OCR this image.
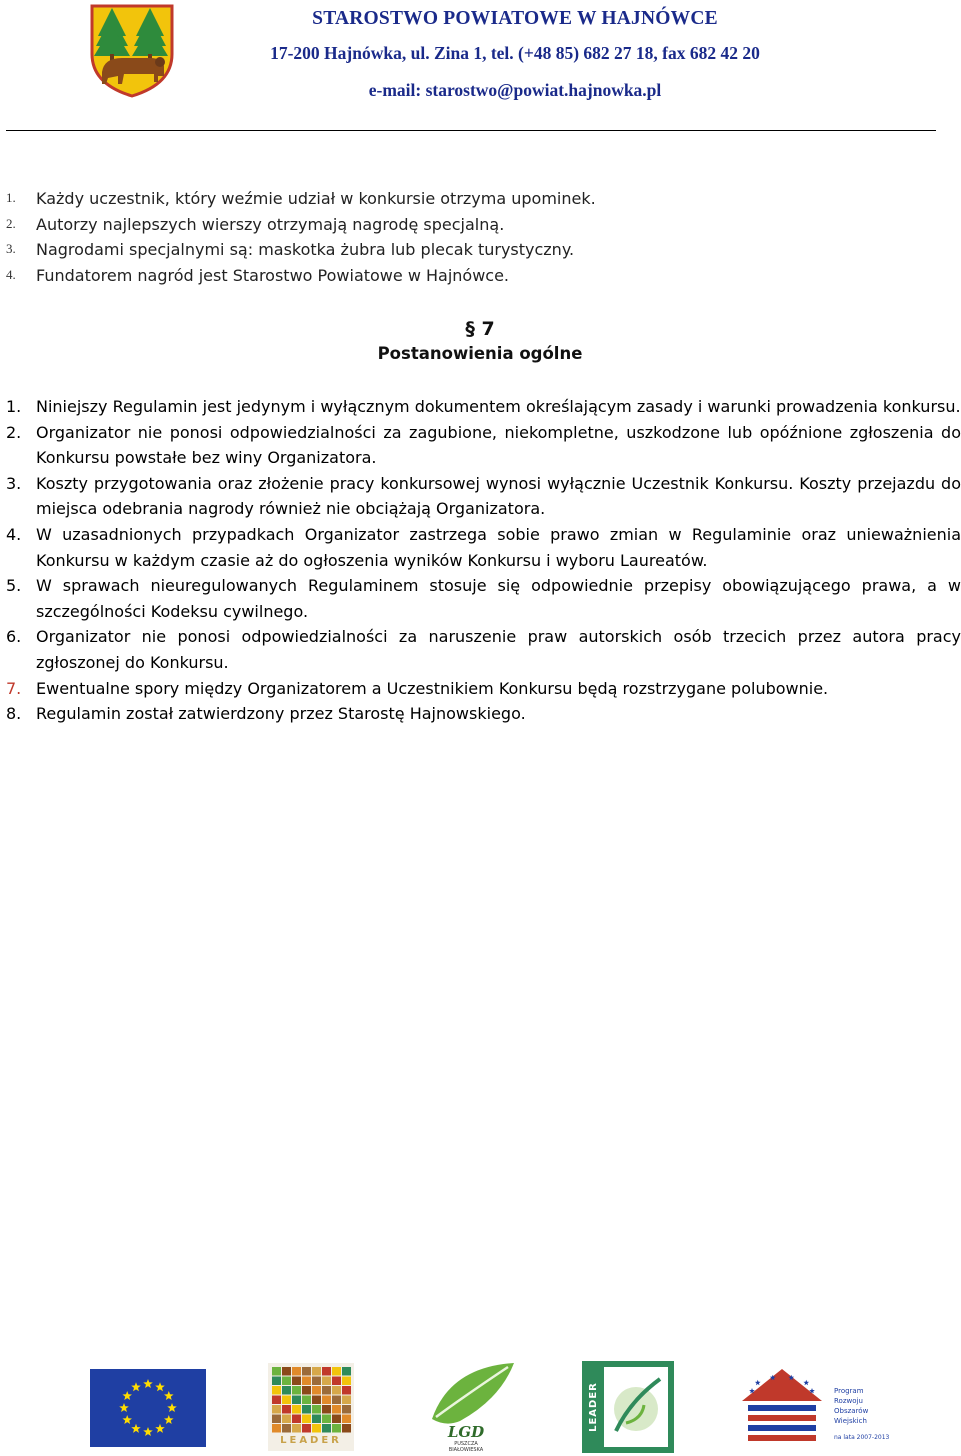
STAROSTWO POWIATOWE W HAJNÓWCE
17-200 Hajnówka, ul. Zina 1, tel. (+48 85) 682 27 18, fax 682 42 20
e-mail: starostwo@powiat.hajnowka.pl
1. Każdy uczestnik, który weźmie udział w konkursie otrzyma upominek.
2. Autorzy najlepszych wierszy otrzymają nagrodę specjalną.
3. Nagrodami specjalnymi są: maskotka żubra lub plecak turystyczny.
4. Fundatorem nagród jest Starostwo Powiatowe w Hajnówce.
§ 7
Postanowienia ogólne
1. Niniejszy Regulamin jest jedynym i wyłącznym dokumentem określającym zasady i warunki prowadzenia konkursu.
2. Organizator nie ponosi odpowiedzialności za zagubione, niekompletne, uszkodzone lub opóźnione zgłoszenia do Konkursu powstałe bez winy Organizatora.
3. Koszty przygotowania oraz złożenie pracy konkursowej wynosi wyłącznie Uczestnik Konkursu. Koszty przejazdu do miejsca odebrania nagrody również nie obciążają Organizatora.
4. W uzasadnionych przypadkach Organizator zastrzega sobie prawo zmian w Regulaminie oraz unieważnienia Konkursu w każdym czasie aż do ogłoszenia wyników Konkursu i wyboru Laureatów.
5. W sprawach nieuregulowanych Regulaminem stosuje się odpowiednie przepisy obowiązującego prawa, a w szczególności Kodeksu cywilnego.
6. Organizator nie ponosi odpowiedzialności za naruszenie praw autorskich osób trzecich przez autora pracy zgłoszonej do Konkursu.
7. Ewentualne spory między Organizatorem a Uczestnikiem Konkursu będą rozstrzygane polubownie.
8. Regulamin został zatwierdzony przez Starostę Hajnowskiego.
LEADER	LGD
PUSZCZA
BIAŁOWIESKA
LEADER	Program
Rozwoju
Obszarów
Wiejskich
na lata 2007-2013
